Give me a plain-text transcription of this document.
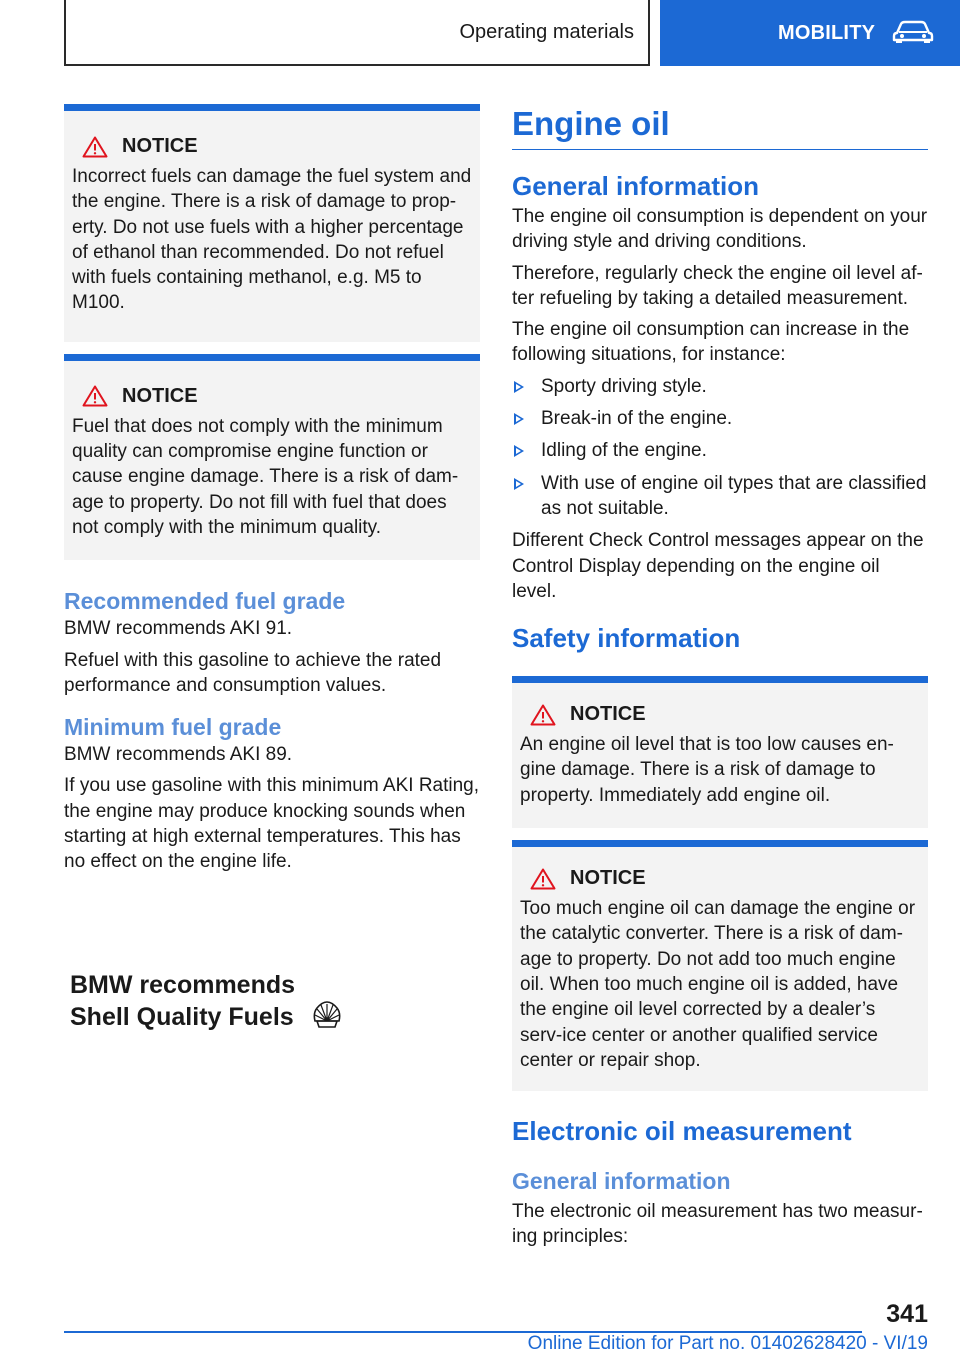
Operating materials	MOBILITY
NOTICE
Incorrect fuels can damage the fuel system and the engine. There is a risk of damage to prop‐erty. Do not use fuels with a higher percentage of ethanol than recommended. Do not refuel with fuels containing methanol, e.g. M5 to M100.
NOTICE
Fuel that does not comply with the minimum quality can compromise engine function or cause engine damage. There is a risk of dam‐age to property. Do not fill with fuel that does not comply with the minimum quality.
Recommended fuel grade

BMW recommends AKI 91.

Refuel with this gasoline to achieve the rated performance and consumption values.

Minimum fuel grade

BMW recommends AKI 89.

If you use gasoline with this minimum AKI Rating, the engine may produce knocking sounds when starting at high external temperatures. This has no effect on the engine life.

BMW recommends
Shell Quality Fuels
Engine oil
General information

The engine oil consumption is dependent on your driving style and driving conditions.

Therefore, regularly check the engine oil level af‐ter refueling by taking a detailed measurement.

The engine oil consumption can increase in the following situations, for instance:

Sporty driving style.
Break-in of the engine.
Idling of the engine.
With use of engine oil types that are classified as not suitable.

Different Check Control messages appear on the Control Display depending on the engine oil level.

Safety information
NOTICE
An engine oil level that is too low causes en‐gine damage. There is a risk of damage to property. Immediately add engine oil.
NOTICE
Too much engine oil can damage the engine or the catalytic converter. There is a risk of dam‐age to property. Do not add too much engine oil. When too much engine oil is added, have the engine oil level corrected by a dealer’s serv‐ice center or another qualified service center or repair shop.
Electronic oil measurement
General information

The electronic oil measurement has two measur‐ing principles:

341
Online Edition for Part no. 01402628420 - VI/19
